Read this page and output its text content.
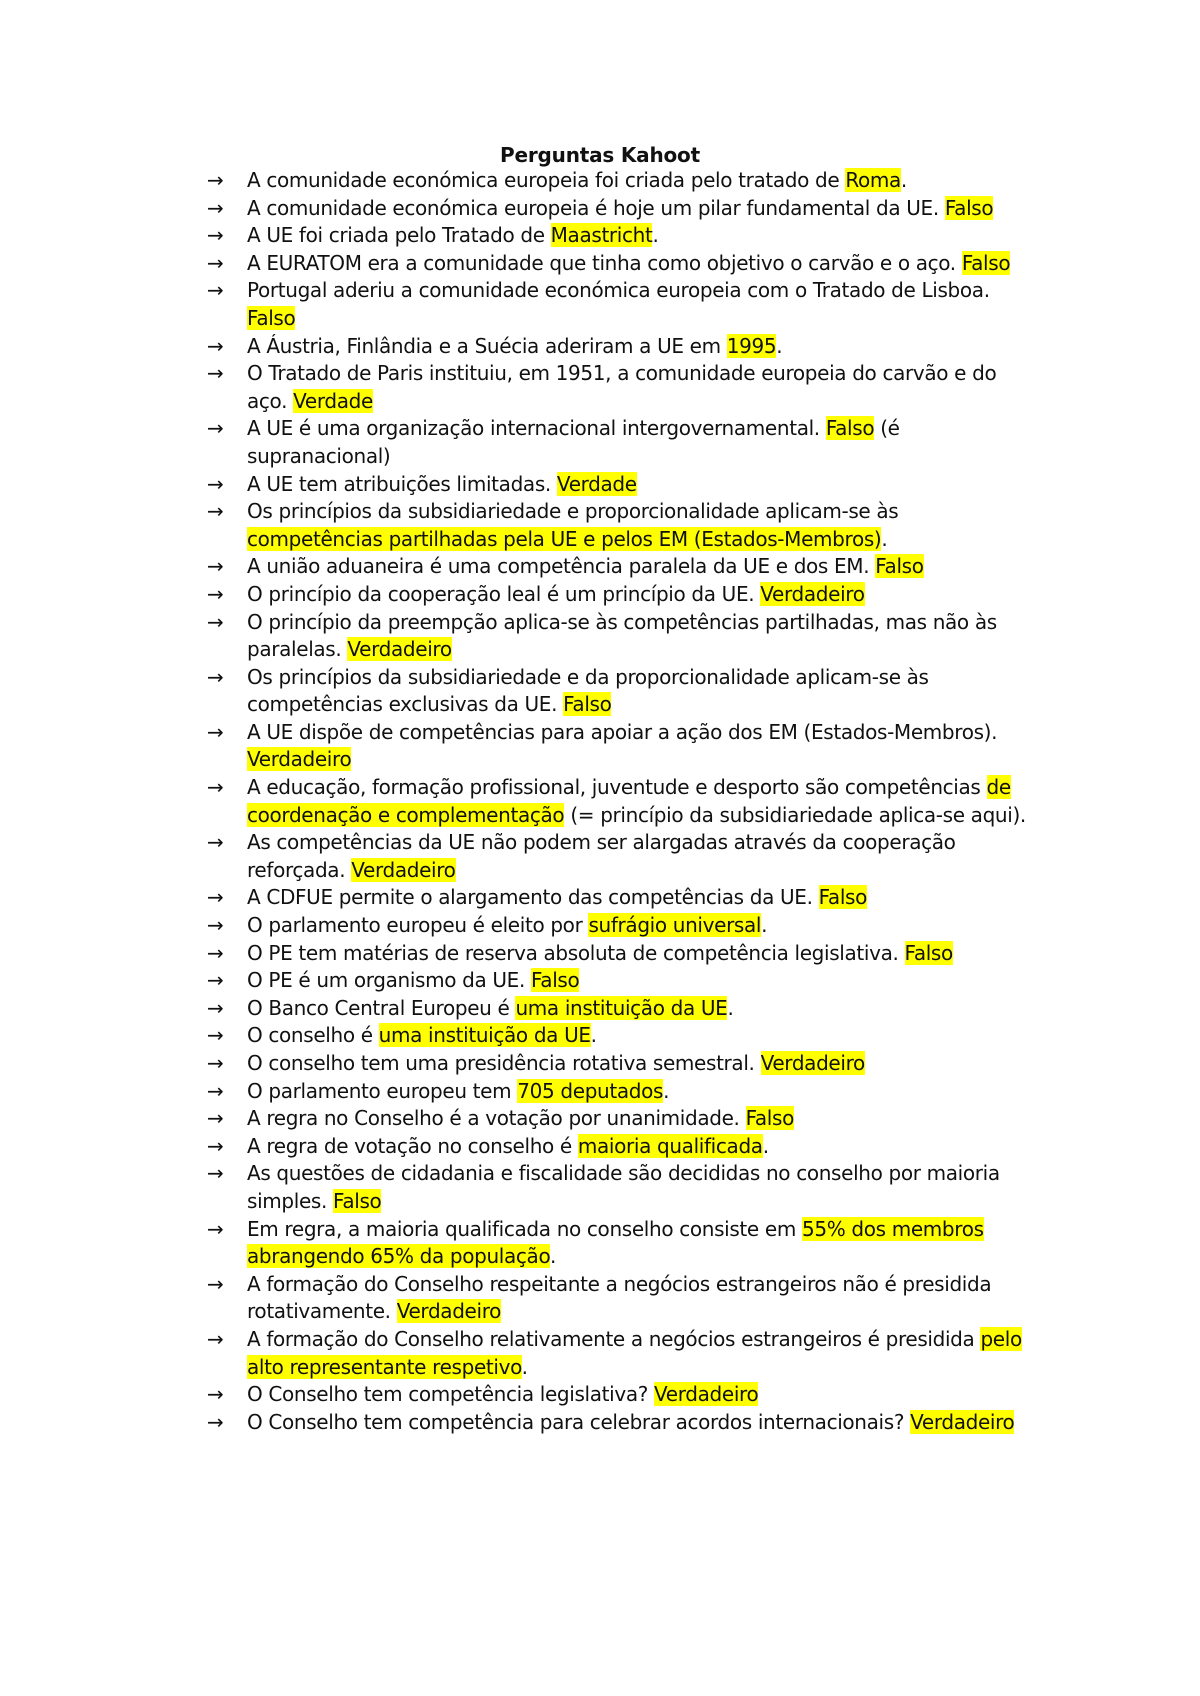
Perguntas Kahoot
→	A comunidade económica europeia foi criada pelo tratado de Roma.
→	A comunidade económica europeia é hoje um pilar fundamental da UE. Falso
→	A UE foi criada pelo Tratado de Maastricht.
→	A EURATOM era a comunidade que tinha como objetivo o carvão e o aço. Falso
→	Portugal aderiu a comunidade económica europeia com o Tratado de Lisboa. Falso
→	A Áustria, Finlândia e a Suécia aderiram a UE em 1995.
→	O Tratado de Paris instituiu, em 1951, a comunidade europeia do carvão e do aço. Verdade
→	A UE é uma organização internacional intergovernamental. Falso (é supranacional)
→	A UE tem atribuições limitadas. Verdade
→	Os princípios da subsidiariedade e proporcionalidade aplicam-se às competências partilhadas pela UE e pelos EM (Estados-Membros).
→	A união aduaneira é uma competência paralela da UE e dos EM. Falso
→	O princípio da cooperação leal é um princípio da UE. Verdadeiro
→	O princípio da preempção aplica-se às competências partilhadas, mas não às paralelas. Verdadeiro
→	Os princípios da subsidiariedade e da proporcionalidade aplicam-se às competências exclusivas da UE. Falso
→	A UE dispõe de competências para apoiar a ação dos EM (Estados-Membros). Verdadeiro
→	A educação, formação profissional, juventude e desporto são competências de coordenação e complementação (= princípio da subsidiariedade aplica-se aqui).
→	As competências da UE não podem ser alargadas através da cooperação reforçada. Verdadeiro
→	A CDFUE permite o alargamento das competências da UE. Falso
→	O parlamento europeu é eleito por sufrágio universal.
→	O PE tem matérias de reserva absoluta de competência legislativa. Falso
→	O PE é um organismo da UE. Falso
→	O Banco Central Europeu é uma instituição da UE.
→	O conselho é uma instituição da UE.
→	O conselho tem uma presidência rotativa semestral. Verdadeiro
→	O parlamento europeu tem 705 deputados.
→	A regra no Conselho é a votação por unanimidade. Falso
→	A regra de votação no conselho é maioria qualificada.
→	As questões de cidadania e fiscalidade são decididas no conselho por maioria simples. Falso
→	Em regra, a maioria qualificada no conselho consiste em 55% dos membros abrangendo 65% da população.
→	A formação do Conselho respeitante a negócios estrangeiros não é presidida rotativamente. Verdadeiro
→	A formação do Conselho relativamente a negócios estrangeiros é presidida pelo alto representante respetivo.
→	O Conselho tem competência legislativa? Verdadeiro
→	O Conselho tem competência para celebrar acordos internacionais? Verdadeiro
